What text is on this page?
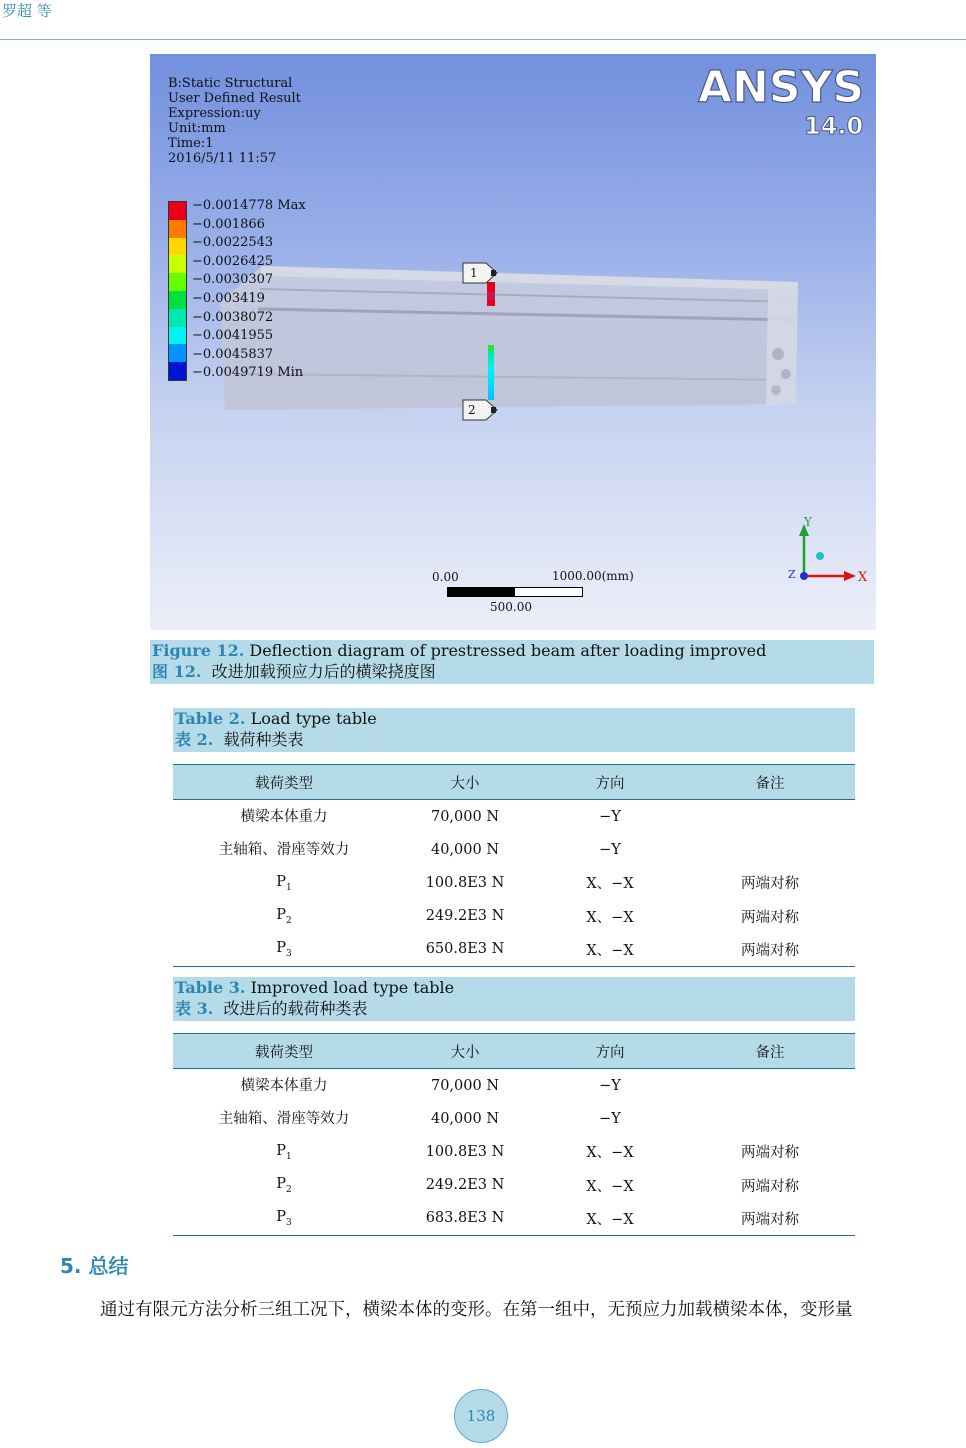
罗超 等
B:Static Structural
User Defined Result
Expression:uy
Unit:mm
Time:1
2016/5/11 11:57
ANSYS
14.0
−0.0014778 Max
−0.001866
−0.0022543
−0.0026425
−0.0030307
−0.003419
−0.0038072
−0.0041955
−0.0045837
−0.0049719 Min
1
2
0.00	1000.00(mm)
500.00
Y
X
Z
Figure 12. Deflection diagram of prestressed beam after loading improved
图 12. 改进加载预应力后的横梁挠度图
Table 2. Load type table
表 2. 载荷种类表
载荷类型	大小	方向	备注
横梁本体重力	70,000 N	−Y	
主轴箱、滑座等效力	40,000 N	−Y	
$P_1$	100.8E3 N	X、−X	两端对称
$P_2$	249.2E3 N	X、−X	两端对称
$P_3$	650.8E3 N	X、−X	两端对称
Table 3. Improved load type table
表 3. 改进后的载荷种类表
载荷类型	大小	方向	备注
横梁本体重力	70,000 N	−Y	
主轴箱、滑座等效力	40,000 N	−Y	
$P_1$	100.8E3 N	X、−X	两端对称
$P_2$	249.2E3 N	X、−X	两端对称
$P_3$	683.8E3 N	X、−X	两端对称
5. 总结
通过有限元方法分析三组工况下，横梁本体的变形。在第一组中，无预应力加载横梁本体，变形量
138
